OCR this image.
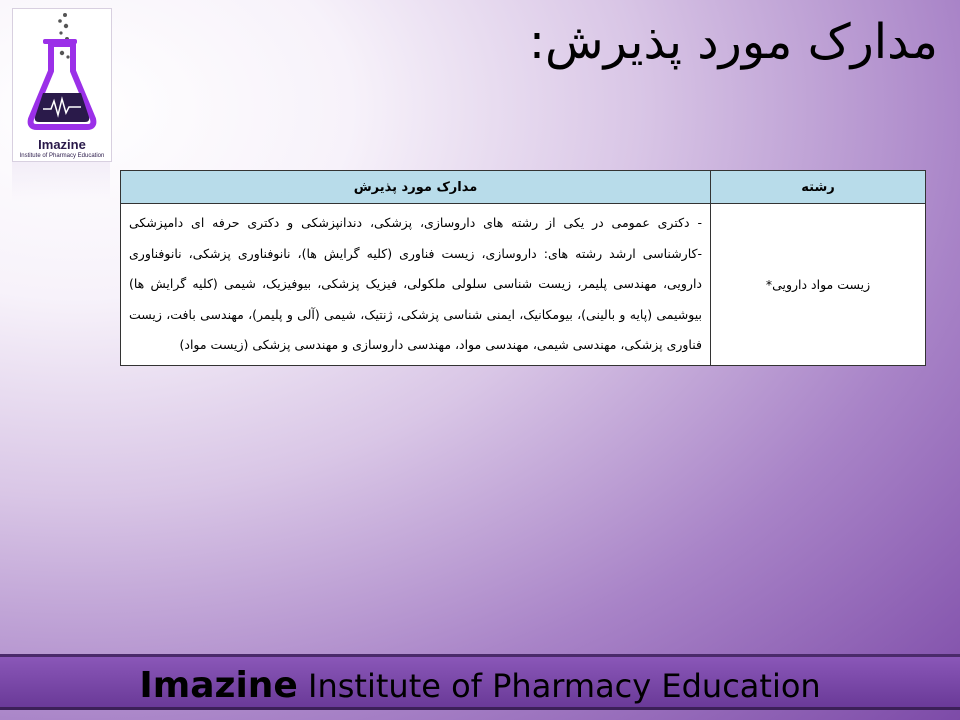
Imazine
Institute of Pharmacy Education
مدارک مورد پذیرش:
رشته	مدارک مورد پذیرش
زیست مواد دارویی*	- دکتری عمومی در یکی از رشته های داروسازی، پزشکی، دندانپزشکی و دکتری حرفه ای دامپزشکی -کارشناسی ارشد رشته های: داروسازی، زیست فناوری (کلیه گرایش ها)، نانوفناوری پزشکی، نانوفناوری دارویی، مهندسی پلیمر، زیست شناسی سلولی ملکولی، فیزیک پزشکی، بیوفیزیک، شیمی (کلیه گرایش ها) بیوشیمی (پایه و بالینی)، بیومکانیک، ایمنی شناسی پزشکی، ژنتیک، شیمی (آلی و پلیمر)، مهندسی بافت، زیست فناوری پزشکی، مهندسی شیمی، مهندسی مواد، مهندسی داروسازی و مهندسی پزشکی (زیست مواد)
Imazine Institute of Pharmacy Education
